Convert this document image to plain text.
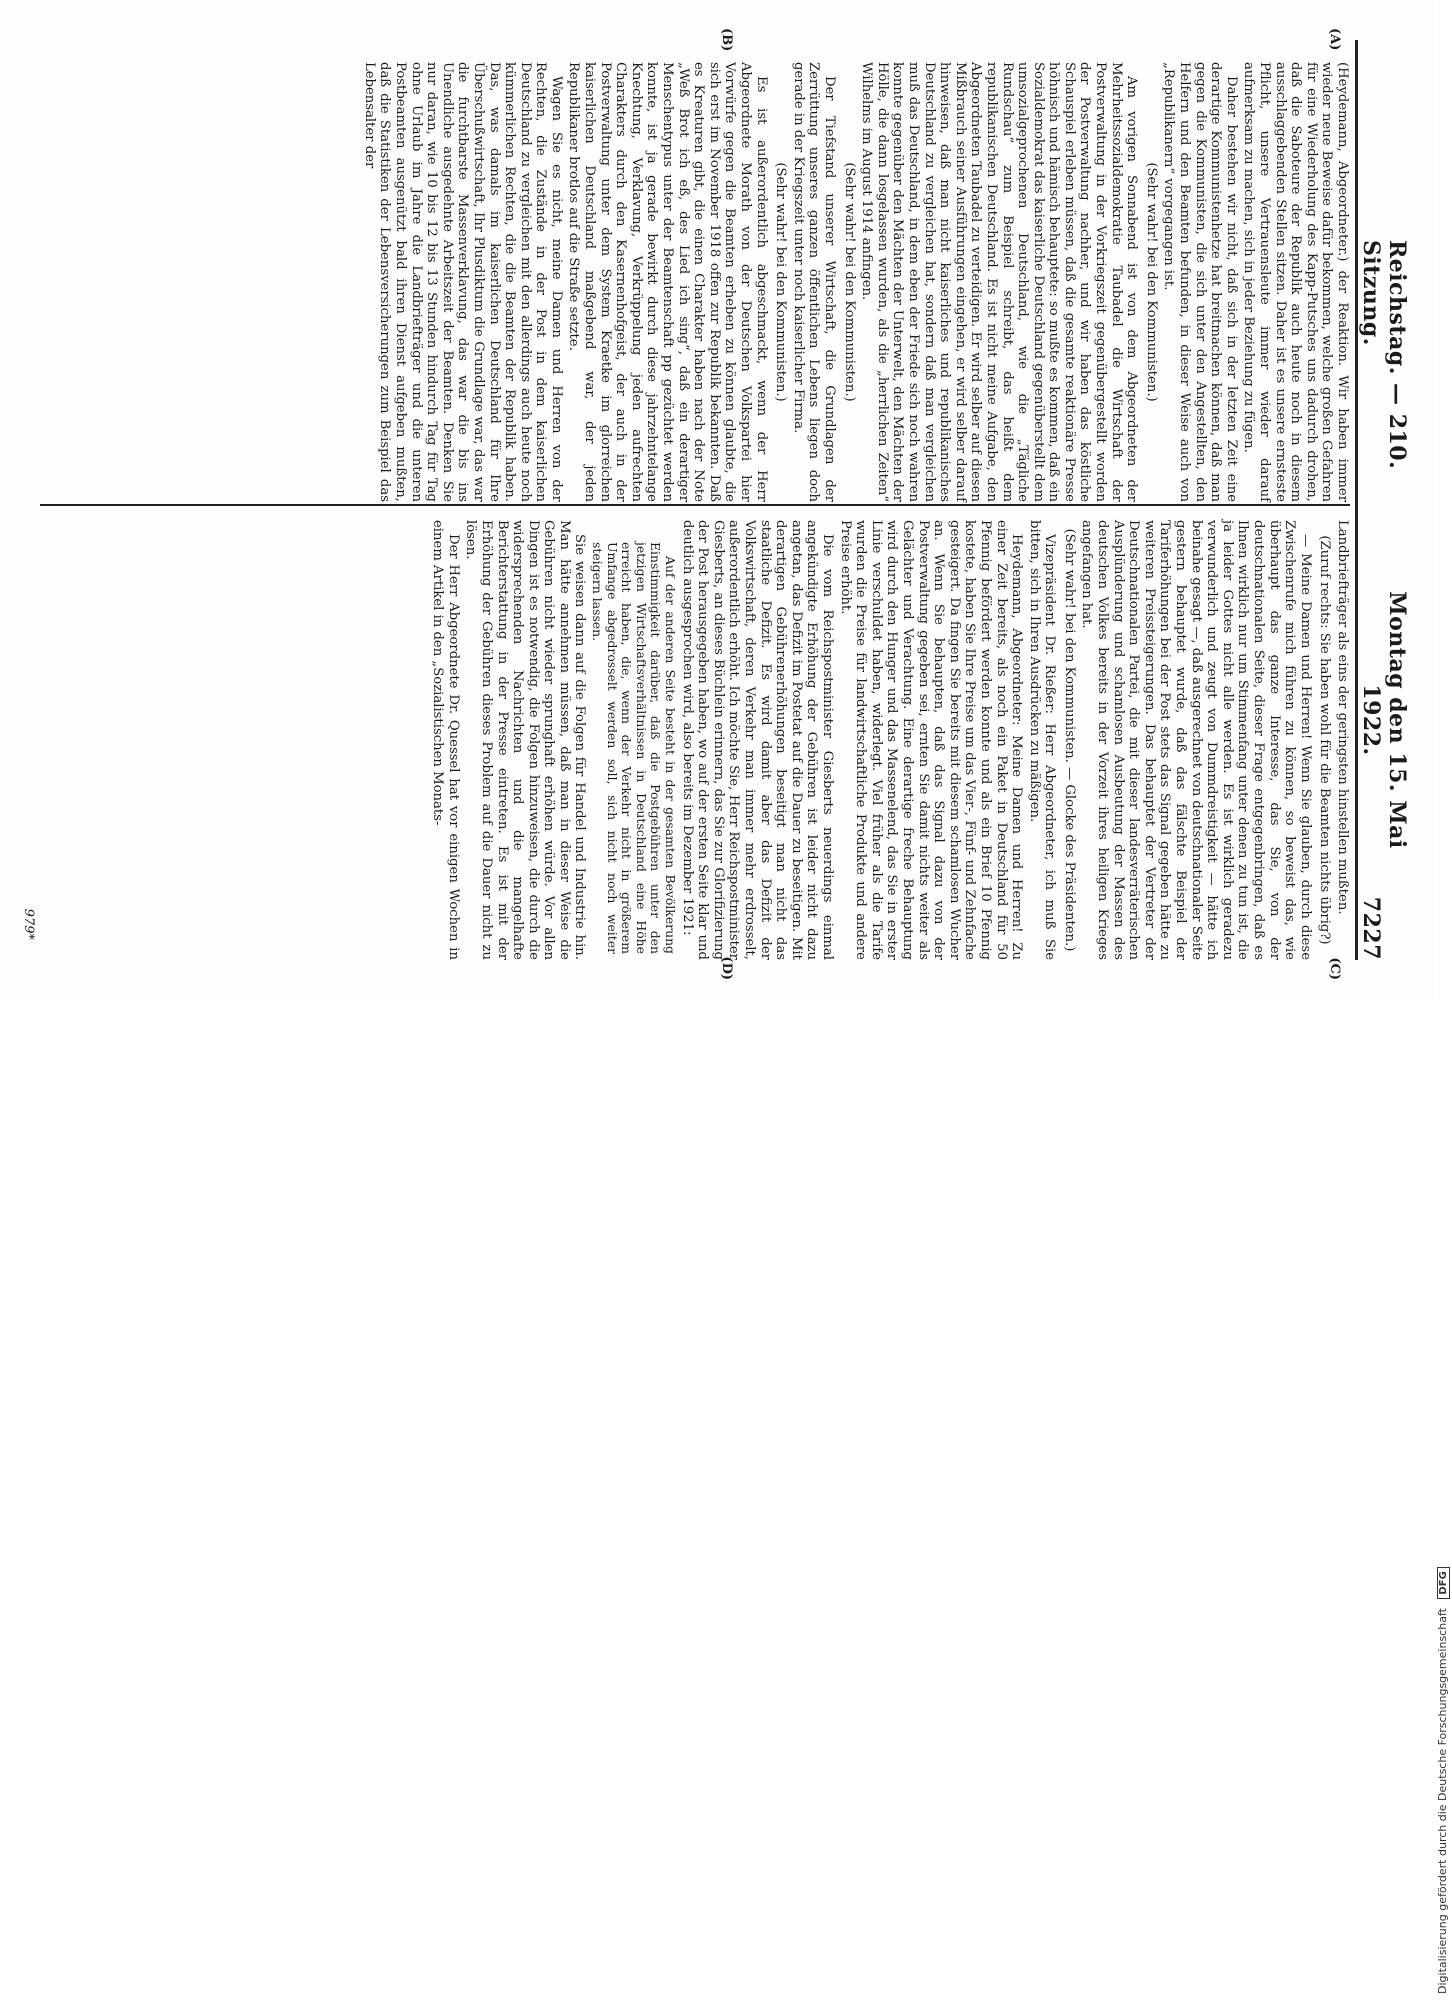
Reichstag. — 210. Sitzung.
Montag den 15. Mai 1922.
7227
(A)
(B)
(C)
(D)

(Heydemann, Abgeordneter.) der Reaktion. Wir haben immer wieder neue Beweise dafür bekommen, welche großen Gefahren für eine Wiederholung des Kapp-Putsches uns dadurch drohen, daß die Saboteure der Republik auch heute noch in diesem ausschlaggebenden Stellen sitzen. Daher ist es unsere ernsteste Pflicht, unsere Vertrauensleute immer wieder darauf aufmerksam zu machen, sich in jeder Beziehung zu fügen.

Daher bestehen wir nicht, daß sich in der letzten Zeit eine derartige Kommunistenhetze hat breitmachen können, daß man gegen die Kommunisten, die sich unter den Angestellten, den Helfern und den Beamten befunden, in dieser Weise auch von „Republikanern“ vorgegangen ist.

(Sehr wahr! bei den Kommunisten.)

Am vorigen Sonnabend ist von dem Abgeordneten der Mehrheitssozialdemokratie Taubadel die Wirtschaft der Postverwaltung in der Vorkriegszeit gegenübergestellt worden der Postverwaltung nachher, und wir haben das köstliche Schauspiel erleben müssen, daß die gesamte reaktionäre Presse höhnisch und hämisch behauptete: so mußte es kommen, daß ein Sozialdemokrat das kaiserliche Deutschland gegenüberstellt dem umsozialgeprochenen Deutschland, wie die „Tägliche Rundschau“ zum Beispiel schreibt, das heißt dem republikanischen Deutschland. Es ist nicht meine Aufgabe, den Abgeordneten Taubadel zu verteidigen. Er wird selber auf diesen Mißbrauch seiner Ausführungen eingehen, er wird selber darauf hinweisen, daß man nicht kaiserliches und republikanisches Deutschland zu vergleichen hat, sondern daß man vergleichen muß das Deutschland, in dem eben der Friede sich noch wahren konnte gegenüber den Mächten der Unterwelt, den Mächten der Hölle, die dann losgelassen wurden, als die „herrlichen Zeiten“ Wilhelms im August 1914 anfingen.

(Sehr wahr! bei den Kommunisten.)

Der Tiefstand unserer Wirtschaft, die Grundlagen der Zerrüttung unseres ganzen öffentlichen Lebens liegen doch gerade in der Kriegszeit unter noch kaiserlicher Firma.

(Sehr wahr! bei den Kommunisten.)

Es ist außerordentlich abgeschmackt, wenn der Herr Abgeordnete Morath von der Deutschen Volkspartei hier Vorwürfe gegen die Beamten erheben zu können glaubte, die sich erst im November 1918 offen zur Republik bekannten. Daß es Kreaturen gibt, die einen Charakter haben nach der Note „Weß Brot ich eß, des Lied ich sing“, daß ein derartiger Menschentypus unter der Beamtenschaft pp gezüchtet werden konnte, ist ja gerade bewirkt durch diese jahrzehntelange Knechtung, Verklavung, Verkrüppelung jeden aufrechten Charakters durch den Kasernenhofgeist, der auch in der Postverwaltung unter dem System Kraetke im glorreichen kaiserlichen Deutschland maßgebend war, der jeden Republikaner brotlos auf die Straße setzte.

Wagen Sie es nicht, meine Damen und Herren von der Rechten, die Zustände in der Post in dem kaiserlichen Deutschland zu vergleichen mit den allerdings auch heute noch kümmerlichen Rechten, die die Beamten der Republik haben. Das, was damals im kaiserlichen Deutschland für Ihre Überschußwirtschaft, Ihr Plusdiktum die Grundlage war, das war die furchtbarste Massenverklavung, das war die bis ins Unendliche ausgedehnte Arbeitszeit der Beamten. Denken Sie nur daran, wie 10 bis 12 bis 13 Stunden hindurch Tag für Tag ohne Urlaub im Jahre die Landbriefträger und die unteren Postbeamten ausgenützt bald ihren Dienst aufgeben mußten, daß die Statistiken der Lebensversicherungen zum Beispiel das Lebensalter der

Landbriefträger als eins der geringsten hinstellen mußten.

(Zuruf rechts: Sie haben wohl für die Beamten nichts übrig?)

— Meine Damen und Herren! Wenn Sie glauben, durch diese Zwischenrufe mich führen zu können, so beweist das, wie überhaupt das ganze Interesse, das Sie, von der deutschnationalen Seite, dieser Frage entgegenbringen, daß es Ihnen wirklich nur um Stimmenfang unter denen zu tun ist, die ja leider Gottes nicht alle werden. Es ist wirklich geradezu verwunderlich und zeugt von Dummdreistigkeit — hätte ich beinahe gesagt —, daß ausgerechnet von deutschnationaler Seite gestern behauptet wurde, daß das fälschte Beispiel der Tariferhöhungen bei der Post stets das Signal gegeben hätte zu weiteren Preissteigerungen. Das behauptet der Vertreter der Deutschnationalen Partei, die mit dieser landesverräterischen Ausplünderung und schamlosen Ausbeutung der Massen des deutschen Volkes bereits in der Vorzeit ihres heiligen Krieges angefangen hat.

(Sehr wahr! bei den Kommunisten. — Glocke des Präsidenten.)

Vizepräsident Dr. Rießer: Herr Abgeordneter, ich muß Sie bitten, sich in Ihren Ausdrücken zu mäßigen.

Heydemann, Abgeordneter: Meine Damen und Herren! Zu einer Zeit bereits, als noch ein Paket in Deutschland für 50 Pfennig befördert werden konnte und als ein Brief 10 Pfennig kostete, haben Sie Ihre Preise um das Vier-, Fünf- und Zehnfache gesteigert. Da fingen Sie bereits mit diesem schamlosen Wucher an. Wenn Sie behaupten, daß das Signal dazu von der Postverwaltung gegeben sei, ernten Sie damit nichts weiter als Gelächter und Verachtung. Eine derartige freche Behauptung wird durch den Hunger und das Massenelend, das Sie in erster Linie verschuldet haben, widerlegt. Viel früher als die Tarife wurden die Preise für landwirtschaftliche Produkte und andere Preise erhöht.

Die vom Reichspostminister Giesberts neuerdings einmal angekündigte Erhöhung der Gebühren ist leider nicht dazu angetan, das Defizit im Postetat auf die Dauer zu beseitigen. Mit derartigen Gebührenerhöhungen beseitigt man nicht das staatliche Defizit. Es wird damit aber das Defizit der Volkswirtschaft, deren Verkehr man immer mehr erdrosselt, außerordentlich erhöht. Ich möchte Sie, Herr Reichspostminister Giesberts, an dieses Büchlein erinnern, das Sie zur Glorifizierung der Post herausgegeben haben, wo auf der ersten Seite klar und deutlich ausgesprochen wird, also bereits im Dezember 1921:

Auf der anderen Seite besteht in der gesamten Bevölkerung Einstimmigkeit darüber, daß die Postgebühren unter den jetzigen Wirtschaftsverhältnissen in Deutschland eine Höhe erreicht haben, die, wenn der Verkehr nicht in größerem Umfange abgedrosselt werden soll, sich nicht noch weiter steigern lassen.

Sie weisen dann auf die Folgen für Handel und Industrie hin. Man hätte annehmen müssen, daß man in dieser Weise die Gebühren nicht wieder sprunghaft erhöhen würde. Vor allen Dingen ist es notwendig, die Folgen hinzuweisen, die durch die widersprechenden Nachrichten und die mangelhafte Berichterstattung in der Presse eintreten. Es ist mit der Erhöhung der Gebühren dieses Problem auf die Dauer nicht zu lösen.

Der Herr Abgeordnete Dr. Quessel hat vor einigen Wochen in einem Artikel in den „Sozialistischen Monats-

979*
Digitalisierung gefördert durch die Deutsche Forschungsgemeinschaft DFG
